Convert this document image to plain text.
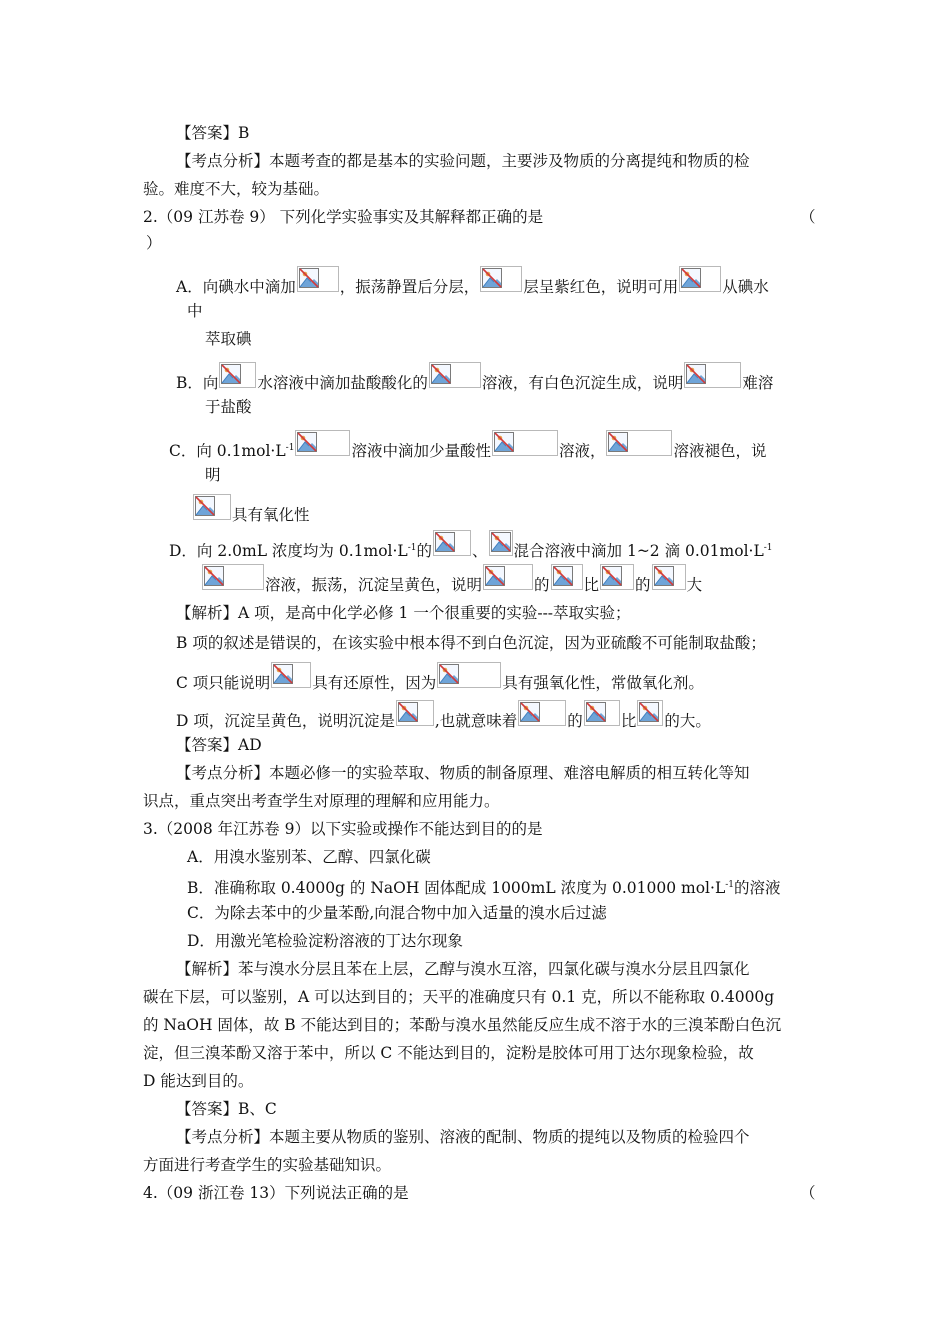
【答案】B
【考点分析】本题考查的都是基本的实验问题，主要涉及物质的分离提纯和物质的检
验。难度不大，较为基础。
2.（09 江苏卷 9） 下列化学实验事实及其解释都正确的是	（
）
A．向碘水中滴加	，振荡静置后分层，	层呈紫红色，说明可用	从碘水
中
萃取碘
B．向	水溶液中滴加盐酸酸化的	溶液，有白色沉淀生成，说明	难溶
于盐酸
C．向 $0.1mol\cdot L^{-1}$	溶液中滴加少量酸性	溶液，	溶液褪色，说
明
具有氧化性
D．向 2.0mL 浓度均为 $0.1mol\cdot L^{-1}$的	、 混合溶液中滴加 1~2 滴 $0.01mol\cdot L^{-1}$
溶液，振荡，沉淀呈黄色，说明	的 比 的 大
【解析】A 项，是高中化学必修 1 一个很重要的实验---萃取实验；
B 项的叙述是错误的，在该实验中根本得不到白色沉淀，因为亚硫酸不可能制取盐酸；
C 项只能说明	具有还原性，因为	具有强氧化性，常做氧化剂。
D 项，沉淀呈黄色，说明沉淀是	,也就意味着	的 比 的大。
【答案】AD
【考点分析】本题必修一的实验萃取、物质的制备原理、难溶电解质的相互转化等知
识点，重点突出考查学生对原理的理解和应用能力。
3.（2008 年江苏卷 9）以下实验或操作不能达到目的的是
A．用溴水鉴别苯、乙醇、四氯化碳
B．准确称取 0.4000g 的 NaOH 固体配成 1000mL 浓度为 0.01000 $mol\cdot L^{-1}$的溶液
C．为除去苯中的少量苯酚,向混合物中加入适量的溴水后过滤
D．用激光笔检验淀粉溶液的丁达尔现象
【解析】苯与溴水分层且苯在上层，乙醇与溴水互溶，四氯化碳与溴水分层且四氯化
碳在下层，可以鉴别，A 可以达到目的；天平的准确度只有 0.1 克，所以不能称取 0.4000g
的 NaOH 固体，故 B 不能达到目的；苯酚与溴水虽然能反应生成不溶于水的三溴苯酚白色沉
淀，但三溴苯酚又溶于苯中，所以 C 不能达到目的，淀粉是胶体可用丁达尔现象检验，故
D 能达到目的。
【答案】B、C
【考点分析】本题主要从物质的鉴别、溶液的配制、物质的提纯以及物质的检验四个
方面进行考查学生的实验基础知识。
4.（09 浙江卷 13）下列说法正确的是	（
